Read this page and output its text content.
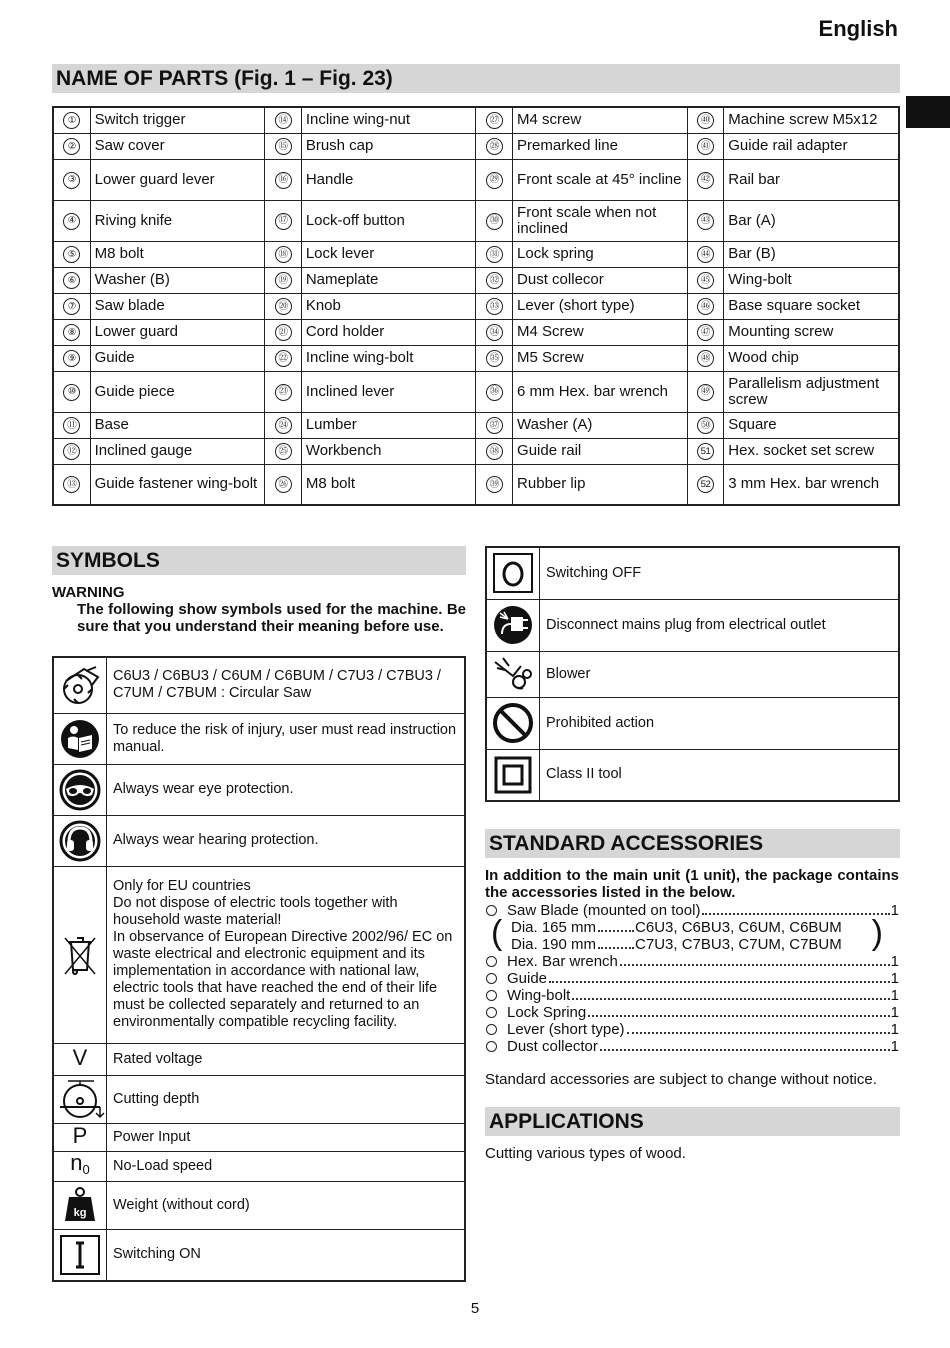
English
NAME OF PARTS (Fig. 1 – Fig. 23)
①	Switch trigger	⑭	Incline wing-nut	㉗	M4 screw	㊵	Machine screw M5x12
②	Saw cover	⑮	Brush cap	㉘	Premarked line	㊶	Guide rail adapter
③	Lower guard lever	⑯	Handle	㉙	Front scale at 45° incline	㊷	Rail bar
④	Riving knife	⑰	Lock-off button	㉚	Front scale when not inclined	㊸	Bar (A)
⑤	M8 bolt	⑱	Lock lever	㉛	Lock spring	㊹	Bar (B)
⑥	Washer (B)	⑲	Nameplate	㉜	Dust collecor	㊺	Wing-bolt
⑦	Saw blade	⑳	Knob	㉝	Lever (short type)	㊻	Base square socket
⑧	Lower guard	㉑	Cord holder	㉞	M4 Screw	㊼	Mounting screw
⑨	Guide	㉒	Incline wing-bolt	㉟	M5 Screw	㊽	Wood chip
⑩	Guide piece	㉓	Inclined lever	㊱	6 mm Hex. bar wrench	㊾	Parallelism adjustment screw
⑪	Base	㉔	Lumber	㊲	Washer (A)	㊿	Square
⑫	Inclined gauge	㉕	Workbench	㊳	Guide rail	51	Hex. socket set screw
⑬	Guide fastener wing-bolt	㉖	M8 bolt	㊴	Rubber lip	52	3 mm Hex. bar wrench
SYMBOLS
WARNING
The following show symbols used for the machine. Be sure that you understand their meaning before use.
	C6U3 / C6BU3 / C6UM / C6BUM / C7U3 / C7BU3 / C7UM / C7BUM : Circular Saw

	To reduce the risk of injury, user must read instruction manual.

	Always wear eye protection.

	Always wear hearing protection.

	Only for EU countries
Do not dispose of electric tools together with household waste material!
In observance of European Directive 2002/96/ EC on waste electrical and electronic equipment and its implementation in accordance with national law, electric tools that have reached the end of their life must be collected separately and returned to an environmentally compatible recycling facility.
V	Rated voltage

	Cutting depth
P	Power Input
$n_0$	No-Load speed

kg	Weight (without cord)

	Switching ON
	Switching OFF

	Disconnect mains plug from electrical outlet

	Blower

	Prohibited action

	Class II tool
STANDARD ACCESSORIES
In addition to the main unit (1 unit), the package contains the accessories listed in the below.
Saw Blade (mounted on tool)	1
(	)
Dia. 165 mm	C6U3, C6BU3, C6UM, C6BUM
Dia. 190 mm	C7U3, C7BU3, C7UM, C7BUM
Hex. Bar wrench	1
Guide	1
Wing-bolt	1
Lock Spring	1
Lever (short type)	1
Dust collector	1
Standard accessories are subject to change without notice.
APPLICATIONS
Cutting various types of wood.
5
